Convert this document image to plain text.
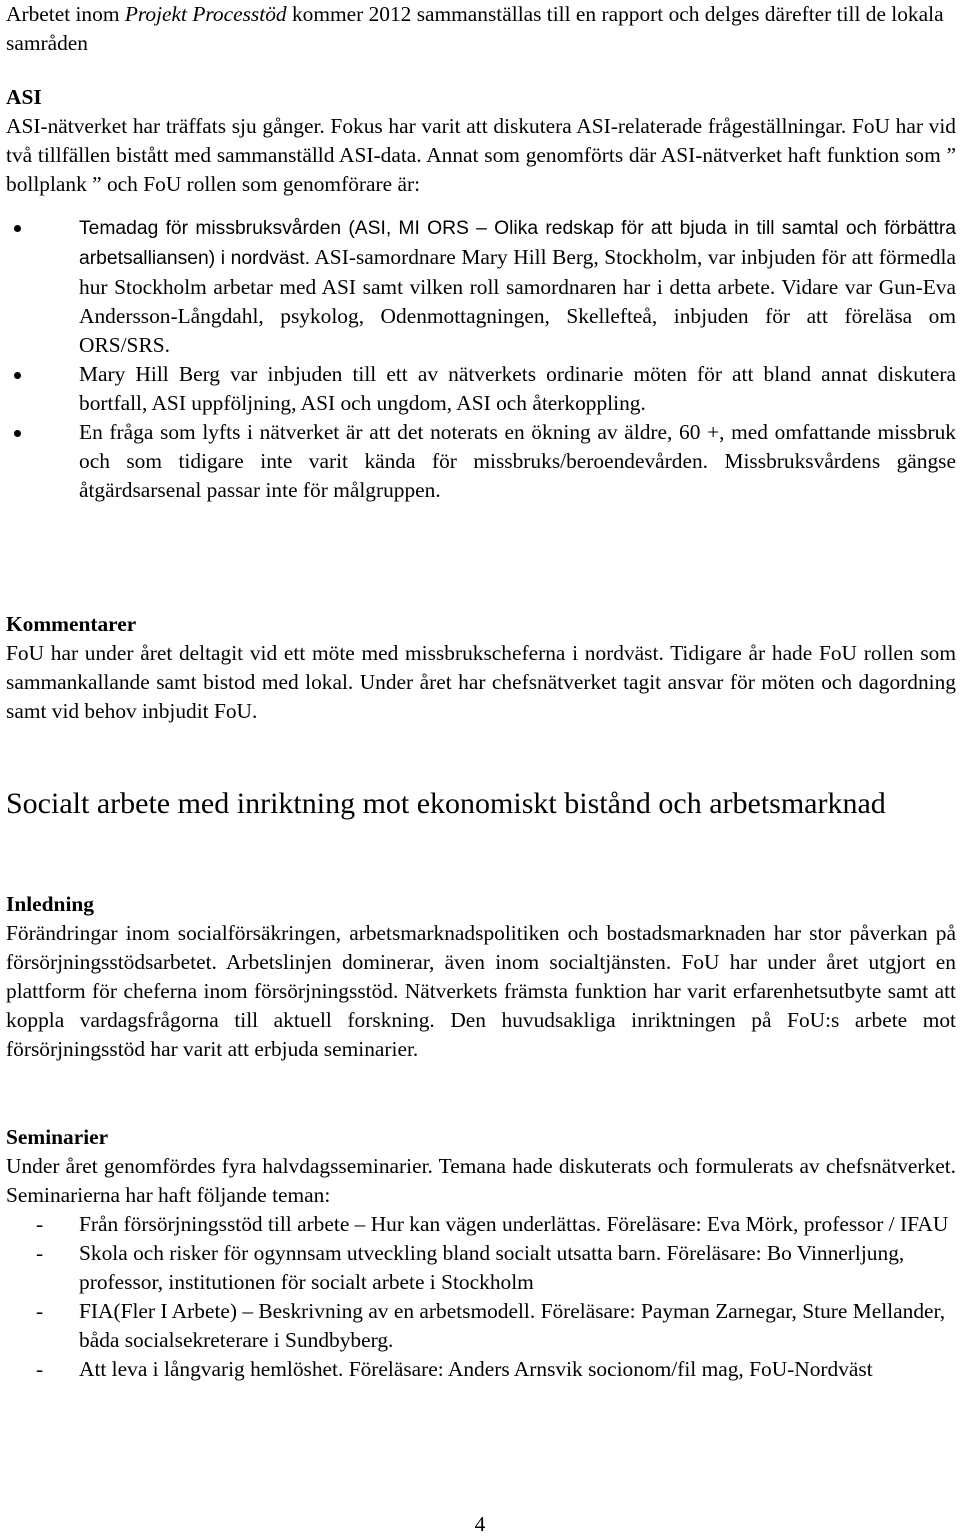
Arbetet inom Projekt Processtöd kommer 2012 sammanställas till en rapport och delges därefter till de lokala samråden

ASI

ASI-nätverket har träffats sju gånger. Fokus har varit att diskutera ASI-relaterade frågeställningar. FoU har vid två tillfällen bistått med sammanställd ASI-data. Annat som genomförts där ASI-nätverket haft funktion som ” bollplank ” och FoU rollen som genomförare är:

Temadag för missbruksvården (ASI, MI ORS – Olika redskap för att bjuda in till samtal och förbättra arbetsalliansen) i nordväst. ASI-samordnare Mary Hill Berg, Stockholm, var inbjuden för att förmedla hur Stockholm arbetar med ASI samt vilken roll samordnaren har i detta arbete. Vidare var Gun-Eva Andersson-Långdahl, psykolog, Odenmottagningen, Skellefteå, inbjuden för att föreläsa om ORS/SRS.

Mary Hill Berg var inbjuden till ett av nätverkets ordinarie möten för att bland annat diskutera bortfall, ASI uppföljning, ASI och ungdom, ASI och återkoppling.

En fråga som lyfts i nätverket är att det noterats en ökning av äldre, 60 +, med omfattande missbruk och som tidigare inte varit kända för missbruks/beroendevården. Missbruksvårdens gängse åtgärdsarsenal passar inte för målgruppen.

Kommentarer

FoU har under året deltagit vid ett möte med missbrukscheferna i nordväst. Tidigare år hade FoU rollen som sammankallande samt bistod med lokal. Under året har chefsnätverket tagit ansvar för möten och dagordning samt vid behov inbjudit FoU.

Socialt arbete med inriktning mot ekonomiskt bistånd och arbetsmarknad

Inledning

Förändringar inom socialförsäkringen, arbetsmarknadspolitiken och bostadsmarknaden har stor påverkan på försörjningsstödsarbetet. Arbetslinjen dominerar, även inom socialtjänsten. FoU har under året utgjort en plattform för cheferna inom försörjningsstöd. Nätverkets främsta funktion har varit erfarenhetsutbyte samt att koppla vardagsfrågorna till aktuell forskning. Den huvudsakliga inriktningen på FoU:s arbete mot försörjningsstöd har varit att erbjuda seminarier.

Seminarier

Under året genomfördes fyra halvdagsseminarier. Temana hade diskuterats och formulerats av chefsnätverket. Seminarierna har haft följande teman:

- Från försörjningsstöd till arbete – Hur kan vägen underlättas. Föreläsare: Eva Mörk, professor / IFAU

- Skola och risker för ogynnsam utveckling bland socialt utsatta barn. Föreläsare: Bo Vinnerljung, professor, institutionen för socialt arbete i Stockholm

- FIA(Fler I Arbete) – Beskrivning av en arbetsmodell. Föreläsare: Payman Zarnegar, Sture Mellander, båda socialsekreterare i Sundbyberg.

- Att leva i långvarig hemlöshet. Föreläsare: Anders Arnsvik socionom/fil mag, FoU-Nordväst

4
